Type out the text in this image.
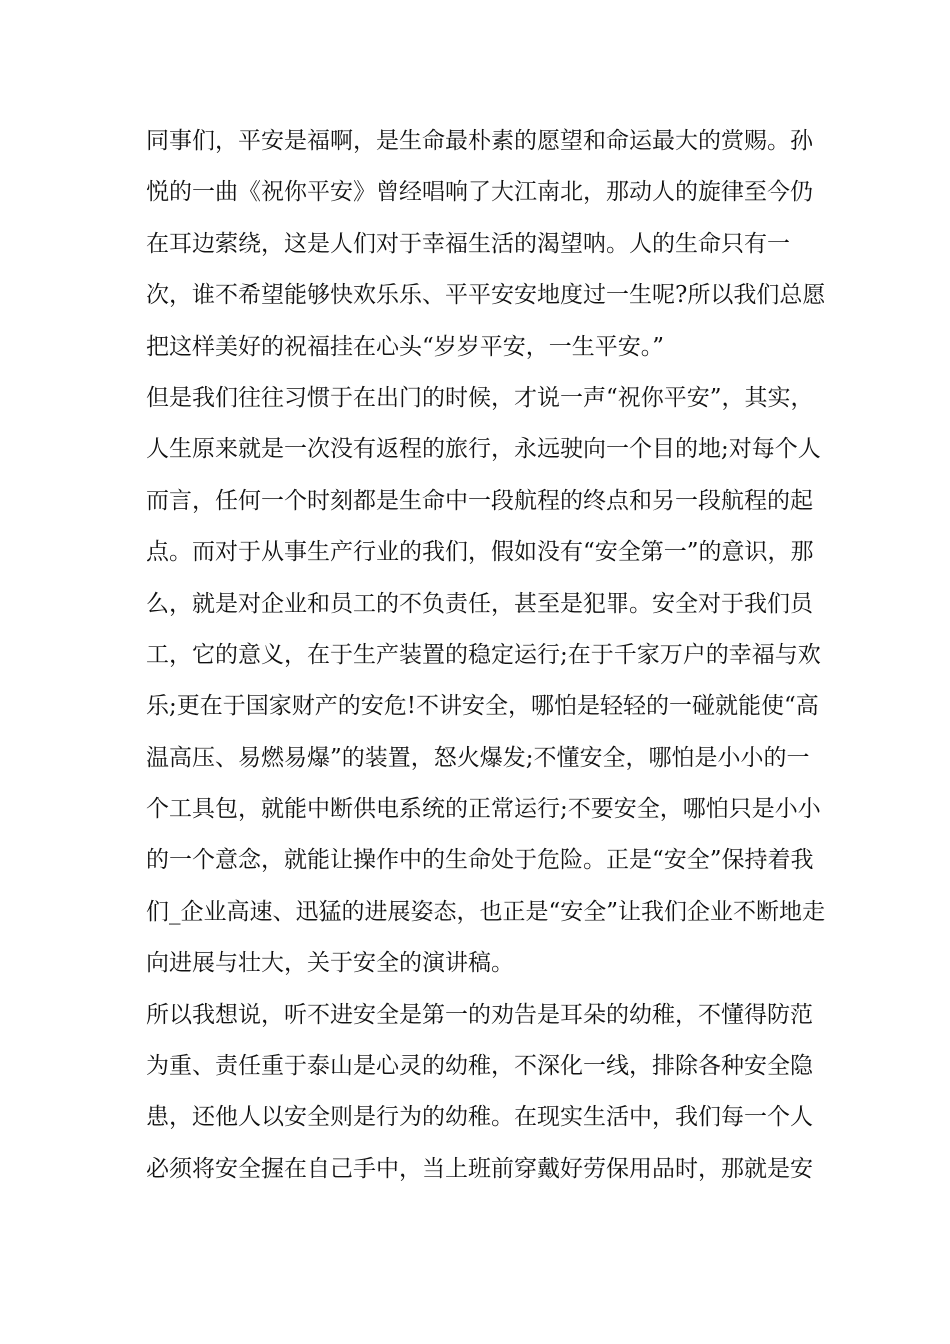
同事们，平安是福啊，是生命最朴素的愿望和命运最大的赏赐。孙
悦的一曲《祝你平安》曾经唱响了大江南北，那动人的旋律至今仍
在耳边萦绕，这是人们对于幸福生活的渴望呐。人的生命只有一
次，谁不希望能够快欢乐乐、平平安安地度过一生呢?所以我们总愿
把这样美好的祝福挂在心头“岁岁平安，一生平安。”
但是我们往往习惯于在出门的时候，才说一声“祝你平安”，其实，
人生原来就是一次没有返程的旅行，永远驶向一个目的地;对每个人
而言，任何一个时刻都是生命中一段航程的终点和另一段航程的起
点。而对于从事生产行业的我们，假如没有“安全第一”的意识，那
么，就是对企业和员工的不负责任，甚至是犯罪。安全对于我们员
工，它的意义，在于生产装置的稳定运行;在于千家万户的幸福与欢
乐;更在于国家财产的安危!不讲安全，哪怕是轻轻的一碰就能使“高
温高压、易燃易爆”的装置，怒火爆发;不懂安全，哪怕是小小的一
个工具包，就能中断供电系统的正常运行;不要安全，哪怕只是小小
的一个意念，就能让操作中的生命处于危险。正是“安全”保持着我
们_企业高速、迅猛的进展姿态，也正是“安全”让我们企业不断地走
向进展与壮大，关于安全的演讲稿。
所以我想说，听不进安全是第一的劝告是耳朵的幼稚，不懂得防范
为重、责任重于泰山是心灵的幼稚，不深化一线，排除各种安全隐
患，还他人以安全则是行为的幼稚。在现实生活中，我们每一个人
必须将安全握在自己手中，当上班前穿戴好劳保用品时，那就是安
